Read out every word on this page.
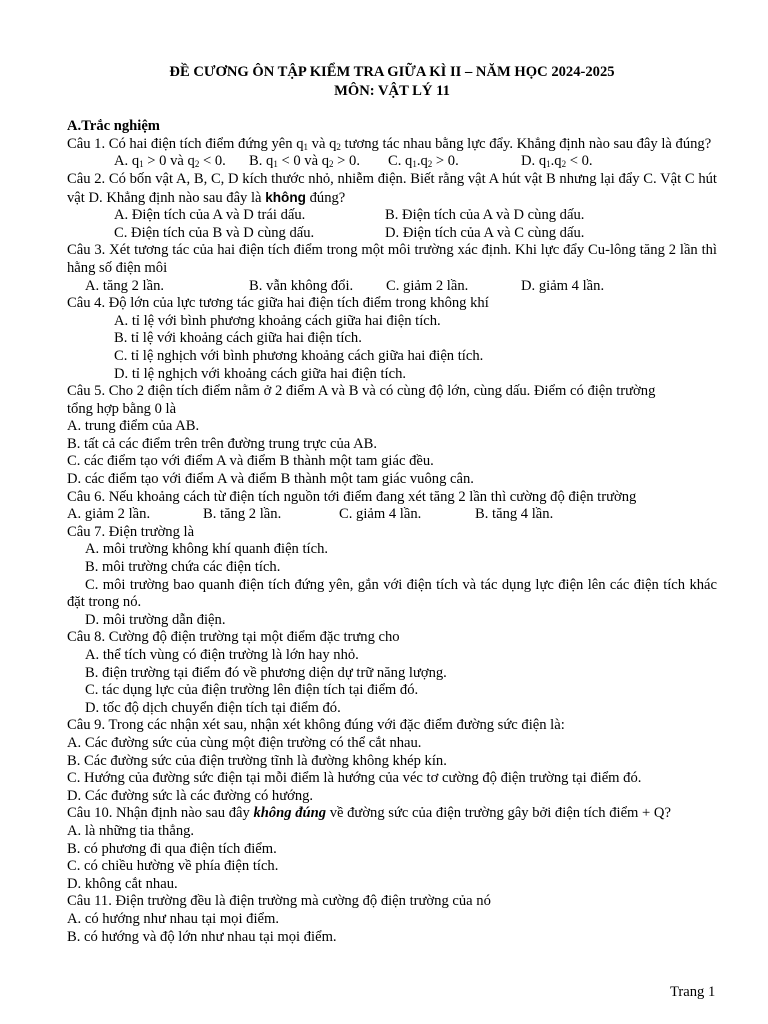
ĐỀ CƯƠNG ÔN TẬP KIỂM TRA GIỮA KÌ II – NĂM HỌC 2024-2025
MÔN: VẬT LÝ 11
A.Trắc nghiệm
Câu 1. Có hai điện tích điểm đứng yên $q_1$ và $q_2$ tương tác nhau bằng lực đẩy. Khẳng định nào sau đây là đúng?
A. $q_1 > 0$ và $q_2 < 0$.	B. $q_1 < 0$ và $q_2 > 0$.	C. $q_1.q_2 > 0$.	D. $q_1.q_2 < 0$.
Câu 2. Có bốn vật A, B, C, D kích thước nhỏ, nhiễm điện. Biết rằng vật A hút vật B nhưng lại đẩy C. Vật C hút vật D. Khẳng định nào sau đây là không đúng?
A. Điện tích của A và D trái dấu.	B. Điện tích của A và D cùng dấu.
C. Điện tích của B và D cùng dấu.	D. Điện tích của A và C cùng dấu.
Câu 3. Xét tương tác của hai điện tích điểm trong một môi trường xác định. Khi lực đẩy Cu-lông tăng 2 lần thì hằng số điện môi
A. tăng 2 lần.	B. vẫn không đổi.	C. giảm 2 lần.	D. giảm 4 lần.
Câu 4. Độ lớn của lực tương tác giữa hai điện tích điểm trong không khí
A. tỉ lệ với bình phương khoảng cách giữa hai điện tích.
B. tỉ lệ với khoảng cách giữa hai điện tích.
C. tỉ lệ nghịch với bình phương khoảng cách giữa hai điện tích.
D. tỉ lệ nghịch với khoảng cách giữa hai điện tích.
Câu 5. Cho 2 điện tích điểm nằm ở 2 điểm A và B và có cùng độ lớn, cùng dấu. Điểm có điện trường
tổng hợp bằng 0 là
A. trung điểm của AB.
B. tất cả các điểm trên trên đường trung trực của AB.
C. các điểm tạo với điểm A và điểm B thành một tam giác đều.
D. các điểm tạo với điểm A và điểm B thành một tam giác vuông cân.
Câu 6. Nếu khoảng cách từ điện tích nguồn tới điểm đang xét tăng 2 lần thì cường độ điện trường
A. giảm 2 lần.	B. tăng 2 lần.	C. giảm 4 lần.	B. tăng 4 lần.
Câu 7. Điện trường là
A. môi trường không khí quanh điện tích.
B. môi trường chứa các điện tích.
C. môi trường bao quanh điện tích đứng yên, gắn với điện tích và tác dụng lực điện lên các điện tích khác đặt trong nó.
D. môi trường dẫn điện.
Câu 8. Cường độ điện trường tại một điểm đặc trưng cho
A. thể tích vùng có điện trường là lớn hay nhỏ.
B. điện trường tại điểm đó về phương diện dự trữ năng lượng.
C. tác dụng lực của điện trường lên điện tích tại điểm đó.
D. tốc độ dịch chuyển điện tích tại điểm đó.
Câu 9. Trong các nhận xét sau, nhận xét không đúng với đặc điểm đường sức điện là:
A. Các đường sức của cùng một điện trường có thể cắt nhau.
B. Các đường sức của điện trường tĩnh là đường không khép kín.
C. Hướng của đường sức điện tại mỗi điểm là hướng của véc tơ cường độ điện trường tại điểm đó.
D. Các đường sức là các đường có hướng.
Câu 10. Nhận định nào sau đây không đúng về đường sức của điện trường gây bởi điện tích điểm + Q?
A. là những tia thẳng.
B. có phương đi qua điện tích điểm.
C. có chiều hường về phía điện tích.
D. không cắt nhau.
Câu 11. Điện trường đều là điện trường mà cường độ điện trường của nó
A. có hướng như nhau tại mọi điểm.
B. có hướng và độ lớn như nhau tại mọi điểm.
Trang 1
